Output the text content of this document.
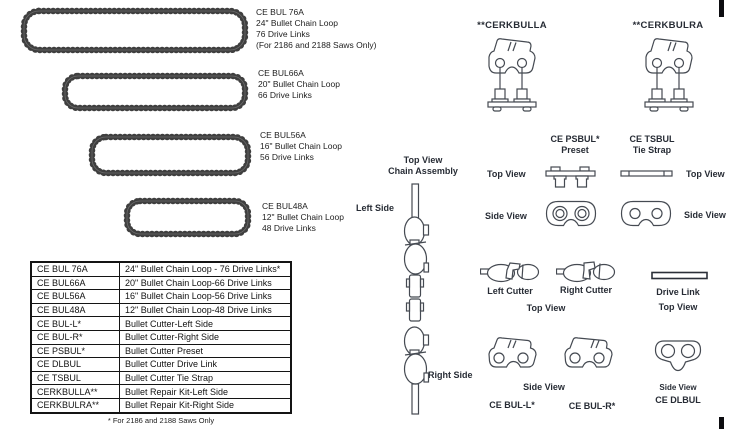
CE BUL 76A
24" Bullet Chain Loop
76 Drive Links
(For 2186 and 2188 Saws Only)
CE BUL66A
20" Bullet Chain Loop
66 Drive Links
CE BUL56A
16" Bullet Chain Loop
56 Drive Links
CE BUL48A
12" Bullet Chain Loop
48 Drive Links
CE BUL 76A	24" Bullet Chain Loop - 76 Drive Links*
CE BUL66A	20" Bullet Chain Loop-66 Drive Links
CE BUL56A	16" Bullet Chain Loop-56 Drive Links
CE BUL48A	12" Bullet Chain Loop-48 Drive Links
CE BUL-L*	Bullet Cutter-Left Side
CE BUL-R*	Bullet Cutter-Right Side
CE PSBUL*	Bullet Cutter Preset
CE DLBUL	Bullet Cutter Drive Link
CE TSBUL	Bullet Cutter Tie Strap
CERKBULLA**	Bullet Repair Kit-Left Side
CERKBULRA**	Bullet Repair Kit-Right Side
* For 2186 and 2188 Saws Only
Top View
Chain Assembly
Left Side
Right Side
**CERKBULLA	**CERKBULRA
CE PSBUL*
Preset
CE TSBUL
Tie Strap
Top View	Top View
Side View	Side View
Left Cutter	Right Cutter
Top View
Drive Link
Top View
Side View
CE BUL-L*	CE BUL-R*
Side View
CE DLBUL
